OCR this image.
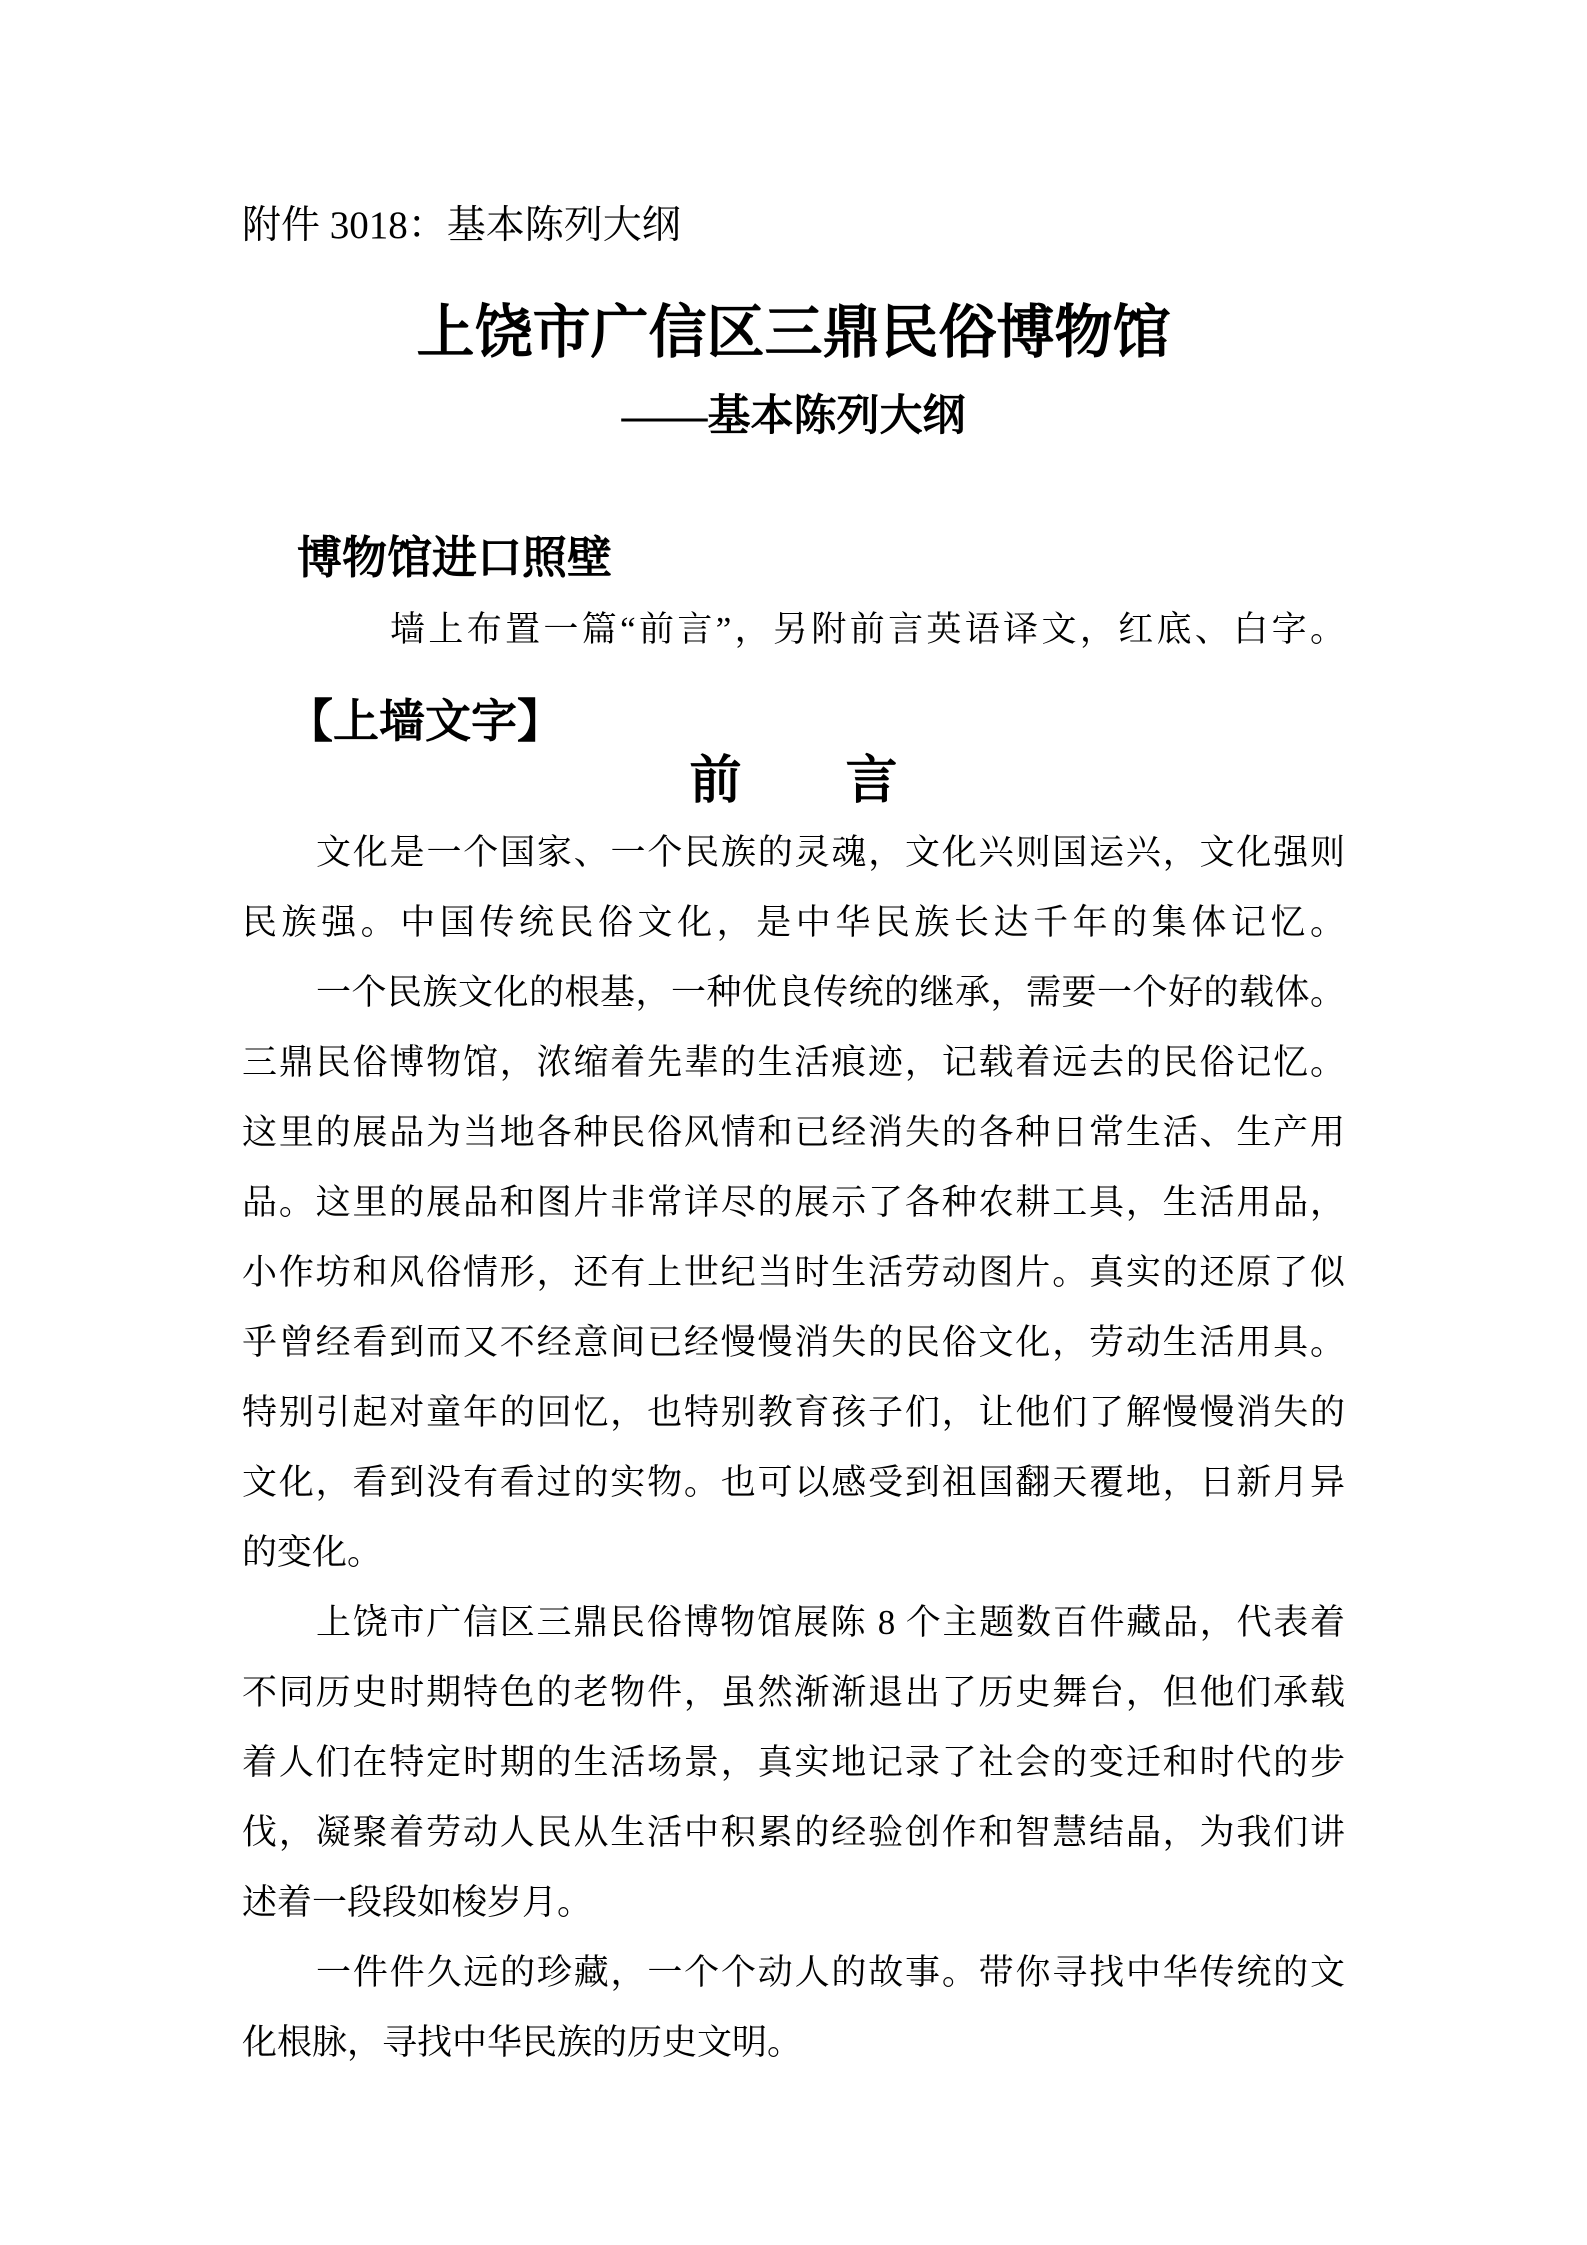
附件 3018：基本陈列大纲
上饶市广信区三鼎民俗博物馆
——基本陈列大纲
博物馆进口照壁
墙上布置一篇“前言”，另附前言英语译文，红底、白字。
【上墙文字】
前　　言
文化是一个国家、一个民族的灵魂，文化兴则国运兴，文化强则
民族强。中国传统民俗文化，是中华民族长达千年的集体记忆。
一个民族文化的根基，一种优良传统的继承，需要一个好的载体。
三鼎民俗博物馆，浓缩着先辈的生活痕迹，记载着远去的民俗记忆。
这里的展品为当地各种民俗风情和已经消失的各种日常生活、生产用
品。这里的展品和图片非常详尽的展示了各种农耕工具，生活用品，
小作坊和风俗情形，还有上世纪当时生活劳动图片。真实的还原了似
乎曾经看到而又不经意间已经慢慢消失的民俗文化，劳动生活用具。
特别引起对童年的回忆，也特别教育孩子们，让他们了解慢慢消失的
文化，看到没有看过的实物。也可以感受到祖国翻天覆地，日新月异
的变化。
上饶市广信区三鼎民俗博物馆展陈 8 个主题数百件藏品，代表着
不同历史时期特色的老物件，虽然渐渐退出了历史舞台，但他们承载
着人们在特定时期的生活场景，真实地记录了社会的变迁和时代的步
伐，凝聚着劳动人民从生活中积累的经验创作和智慧结晶，为我们讲
述着一段段如梭岁月。
一件件久远的珍藏，一个个动人的故事。带你寻找中华传统的文
化根脉，寻找中华民族的历史文明。
